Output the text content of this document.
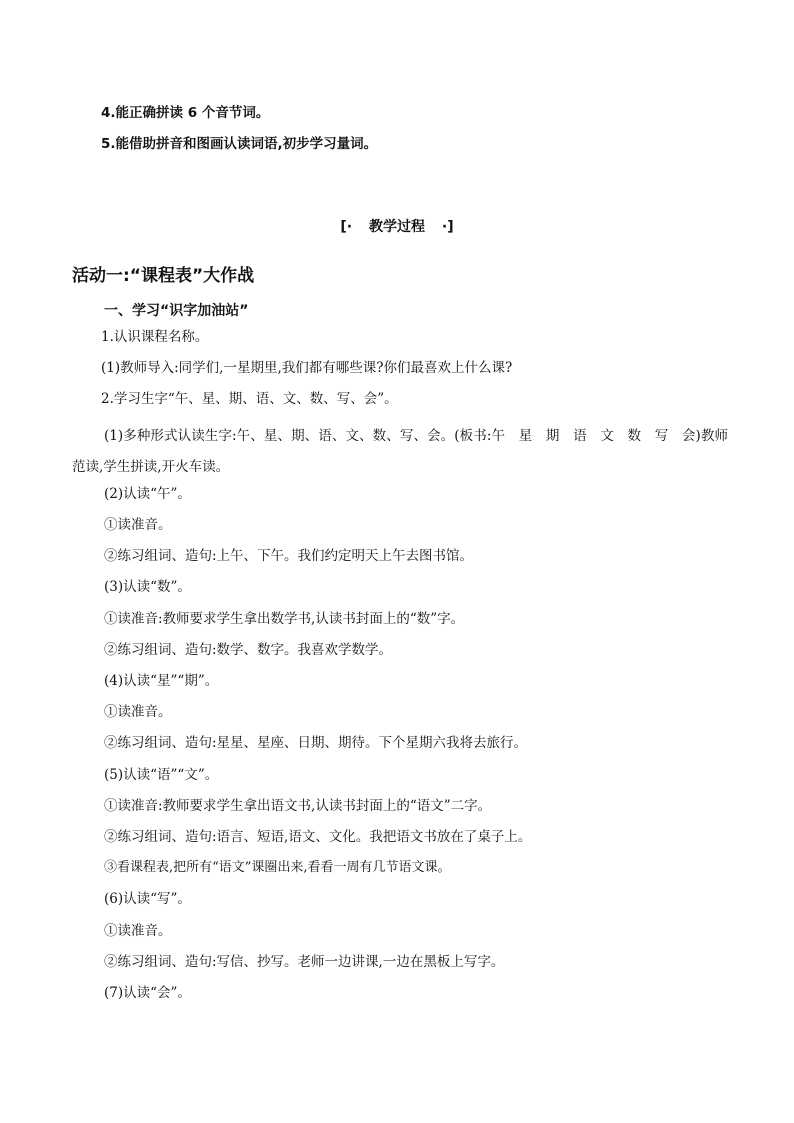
4.能正确拼读 6 个音节词。
5.能借助拼音和图画认读词语,初步学习量词。
[· 教学过程 ·]
活动一:“课程表”大作战
一、学习“识字加油站”
1.认识课程名称。
(1)教师导入:同学们,一星期里,我们都有哪些课?你们最喜欢上什么课?
2.学习生字“午、星、期、语、文、数、写、会”。
(1)多种形式认读生字:午、星、期、语、文、数、写、会。(板书:午　星　期　语　文　数　写　会)教师范读,学生拼读,开火车读。
(2)认读“午”。
①读准音。
②练习组词、造句:上午、下午。我们约定明天上午去图书馆。
(3)认读“数”。
①读准音:教师要求学生拿出数学书,认读书封面上的“数”字。
②练习组词、造句:数学、数字。我喜欢学数学。
(4)认读“星”“期”。
①读准音。
②练习组词、造句:星星、星座、日期、期待。下个星期六我将去旅行。
(5)认读“语”“文”。
①读准音:教师要求学生拿出语文书,认读书封面上的“语文”二字。
②练习组词、造句:语言、短语,语文、文化。我把语文书放在了桌子上。
③看课程表,把所有“语文”课圈出来,看看一周有几节语文课。
(6)认读“写”。
①读准音。
②练习组词、造句:写信、抄写。老师一边讲课,一边在黑板上写字。
(7)认读“会”。
